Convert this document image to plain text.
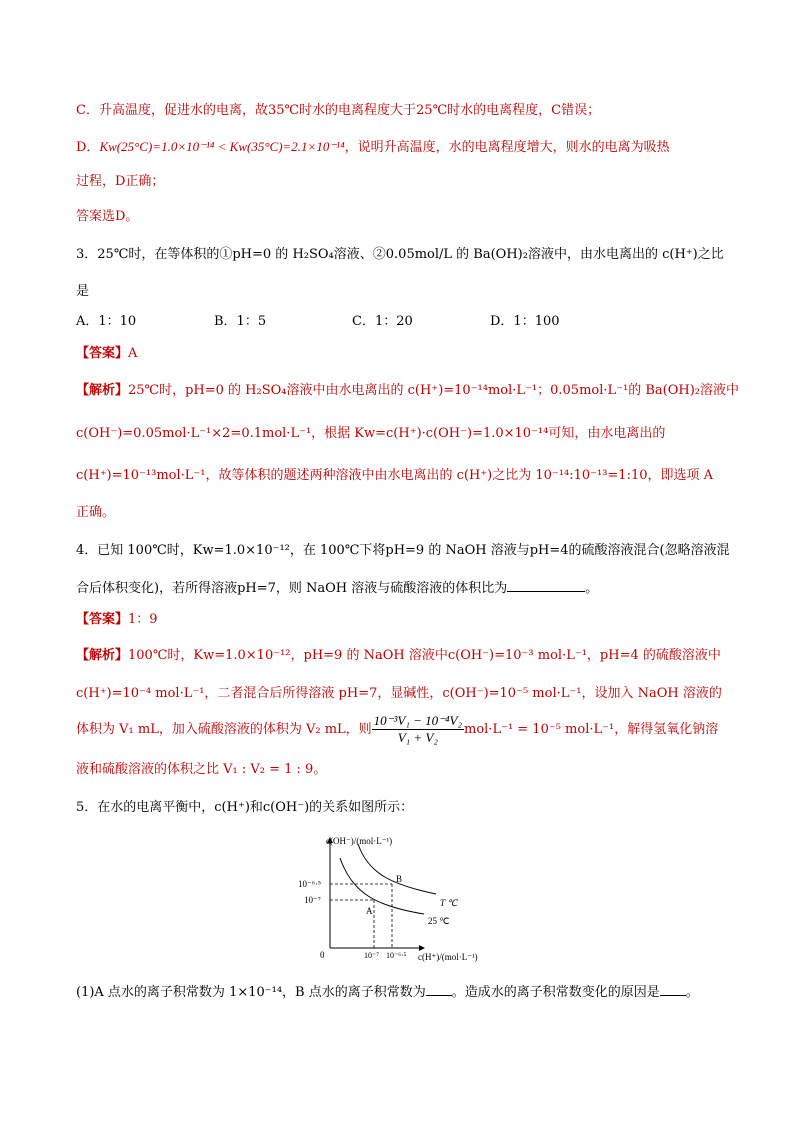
C．升高温度，促进水的电离，故35℃时水的电离程度大于25℃时水的电离程度，C错误；
D．Kw(25°C)=1.0×10⁻¹⁴ < Kw(35°C)=2.1×10⁻¹⁴，说明升高温度，水的电离程度增大，则水的电离为吸热
过程，D正确；
答案选D。
3．25℃时，在等体积的①pH=0 的 H₂SO₄溶液、②0.05mol/L 的 Ba(OH)₂溶液中，由水电离出的 c(H⁺)之比
是
A．1：10	B．1：5	C．1：20	D．1：100
【答案】A
【解析】25℃时，pH=0 的 H₂SO₄溶液中由水电离出的 c(H⁺)=10⁻¹⁴mol·L⁻¹；0.05mol·L⁻¹的 Ba(OH)₂溶液中
c(OH⁻)=0.05mol·L⁻¹×2=0.1mol·L⁻¹，根据 Kw=c(H⁺)·c(OH⁻)=1.0×10⁻¹⁴可知，由水电离出的
c(H⁺)=10⁻¹³mol·L⁻¹，故等体积的题述两种溶液中由水电离出的 c(H⁺)之比为 10⁻¹⁴:10⁻¹³=1:10，即选项 A
正确。
4．已知 100℃时，Kw=1.0×10⁻¹²，在 100℃下将pH=9 的 NaOH 溶液与pH=4的硫酸溶液混合(忽略溶液混
合后体积变化)，若所得溶液pH=7，则 NaOH 溶液与硫酸溶液的体积比为	。
【答案】1：9
【解析】100℃时，Kw=1.0×10⁻¹²，pH=9 的 NaOH 溶液中c(OH⁻)=10⁻³ mol·L⁻¹，pH=4 的硫酸溶液中
c(H⁺)=10⁻⁴ mol·L⁻¹，二者混合后所得溶液 pH=7，显碱性，c(OH⁻)=10⁻⁵ mol·L⁻¹，设加入 NaOH 溶液的
体积为 V₁ mL，加入硫酸溶液的体积为 V₂ mL，则 $\frac{\text{10⁻³V₁ − 10⁻⁴V₂}}{\text{V₁ + V₂}} mol\cdot L^{-1} = 10^{-5}$ mol·L⁻¹，解得氢氧化钠溶
液和硫酸溶液的体积之比 V₁ : V₂ = 1 : 9。
5．在水的电离平衡中，c(H⁺)和c(OH⁻)的关系如图所示：
c(OH⁻)/(mol·L⁻¹)
c(H⁺)/(mol·L⁻¹)
0
10⁻⁶·⁵
10⁻⁷
10⁻⁷ 10⁻⁶·⁵
A
B
T ℃
25 ℃
(1)A 点水的离子积常数为 1×10⁻¹⁴，B 点水的离子积常数为 。造成水的离子积常数变化的原因是 。
